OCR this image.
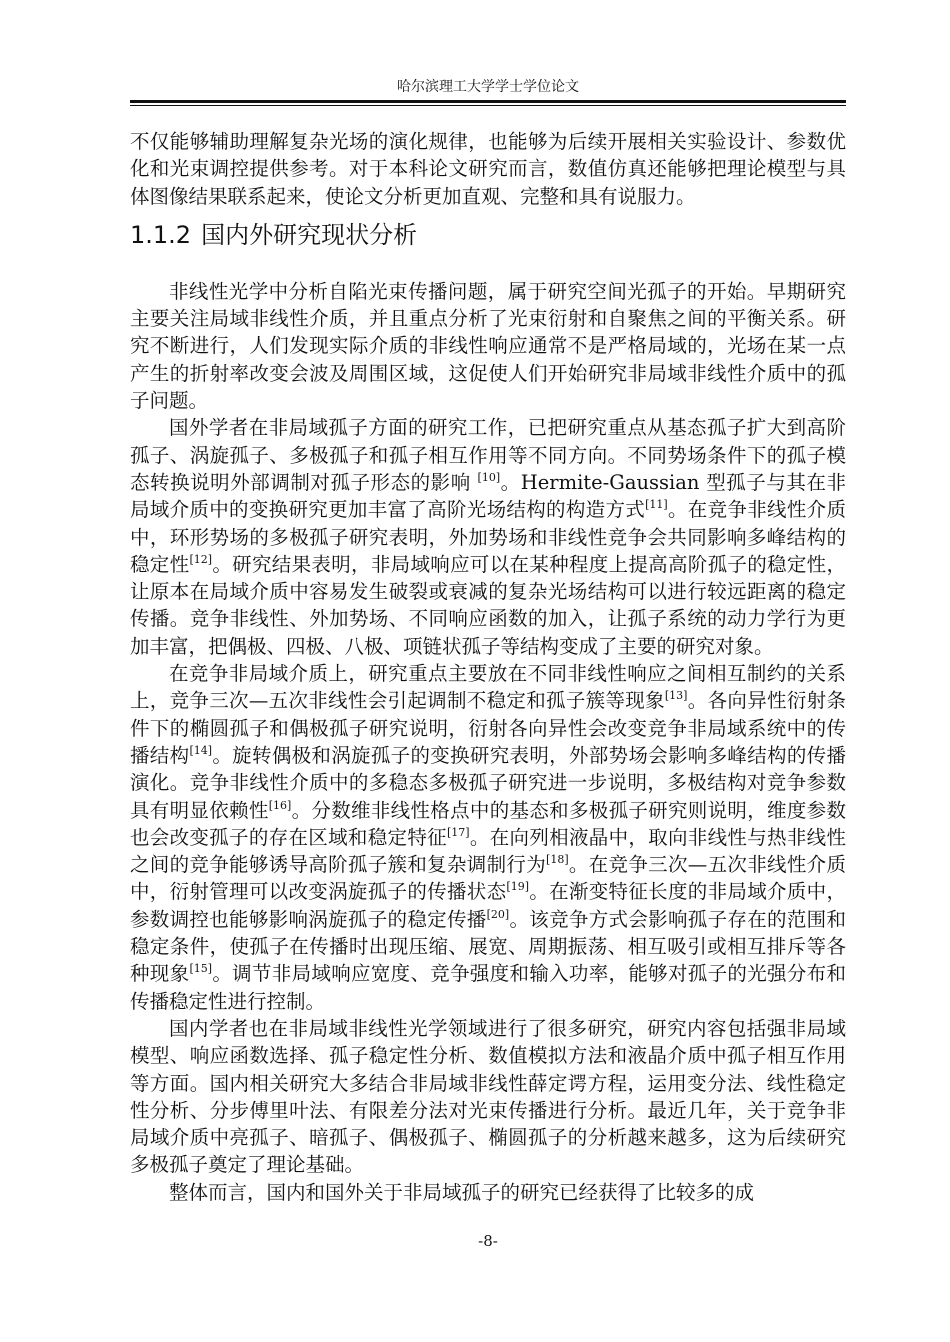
哈尔滨理工大学学士学位论文

不仅能够辅助理解复杂光场的演化规律，也能够为后续开展相关实验设计、参数优化和光束调控提供参考。对于本科论文研究而言，数值仿真还能够把理论模型与具体图像结果联系起来，使论文分析更加直观、完整和具有说服力。

1.1.2 国内外研究现状分析

非线性光学中分析自陷光束传播问题，属于研究空间光孤子的开始。早期研究主要关注局域非线性介质，并且重点分析了光束衍射和自聚焦之间的平衡关系。研究不断进行，人们发现实际介质的非线性响应通常不是严格局域的，光场在某一点产生的折射率改变会波及周围区域，这促使人们开始研究非局域非线性介质中的孤子问题。

国外学者在非局域孤子方面的研究工作，已把研究重点从基态孤子扩大到高阶孤子、涡旋孤子、多极孤子和孤子相互作用等不同方向。不同势场条件下的孤子模态转换说明外部调制对孤子形态的影响 [10]。Hermite-Gaussian 型孤子与其在非局域介质中的变换研究更加丰富了高阶光场结构的构造方式[11]。在竞争非线性介质中，环形势场的多极孤子研究表明，外加势场和非线性竞争会共同影响多峰结构的稳定性[12]。研究结果表明，非局域响应可以在某种程度上提高高阶孤子的稳定性，让原本在局域介质中容易发生破裂或衰减的复杂光场结构可以进行较远距离的稳定传播。竞争非线性、外加势场、不同响应函数的加入，让孤子系统的动力学行为更加丰富，把偶极、四极、八极、项链状孤子等结构变成了主要的研究对象。

在竞争非局域介质上，研究重点主要放在不同非线性响应之间相互制约的关系上，竞争三次—五次非线性会引起调制不稳定和孤子簇等现象[13]。各向异性衍射条件下的椭圆孤子和偶极孤子研究说明，衍射各向异性会改变竞争非局域系统中的传播结构[14]。旋转偶极和涡旋孤子的变换研究表明，外部势场会影响多峰结构的传播演化。竞争非线性介质中的多稳态多极孤子研究进一步说明，多极结构对竞争参数具有明显依赖性[16]。分数维非线性格点中的基态和多极孤子研究则说明，维度参数也会改变孤子的存在区域和稳定特征[17]。在向列相液晶中，取向非线性与热非线性之间的竞争能够诱导高阶孤子簇和复杂调制行为[18]。在竞争三次—五次非线性介质中，衍射管理可以改变涡旋孤子的传播状态[19]。在渐变特征长度的非局域介质中，参数调控也能够影响涡旋孤子的稳定传播[20]。该竞争方式会影响孤子存在的范围和稳定条件，使孤子在传播时出现压缩、展宽、周期振荡、相互吸引或相互排斥等各种现象[15]。调节非局域响应宽度、竞争强度和输入功率，能够对孤子的光强分布和传播稳定性进行控制。

国内学者也在非局域非线性光学领域进行了很多研究，研究内容包括强非局域模型、响应函数选择、孤子稳定性分析、数值模拟方法和液晶介质中孤子相互作用等方面。国内相关研究大多结合非局域非线性薛定谔方程，运用变分法、线性稳定性分析、分步傅里叶法、有限差分法对光束传播进行分析。最近几年，关于竞争非局域介质中亮孤子、暗孤子、偶极孤子、椭圆孤子的分析越来越多，这为后续研究多极孤子奠定了理论基础。

整体而言，国内和国外关于非局域孤子的研究已经获得了比较多的成

-8-
